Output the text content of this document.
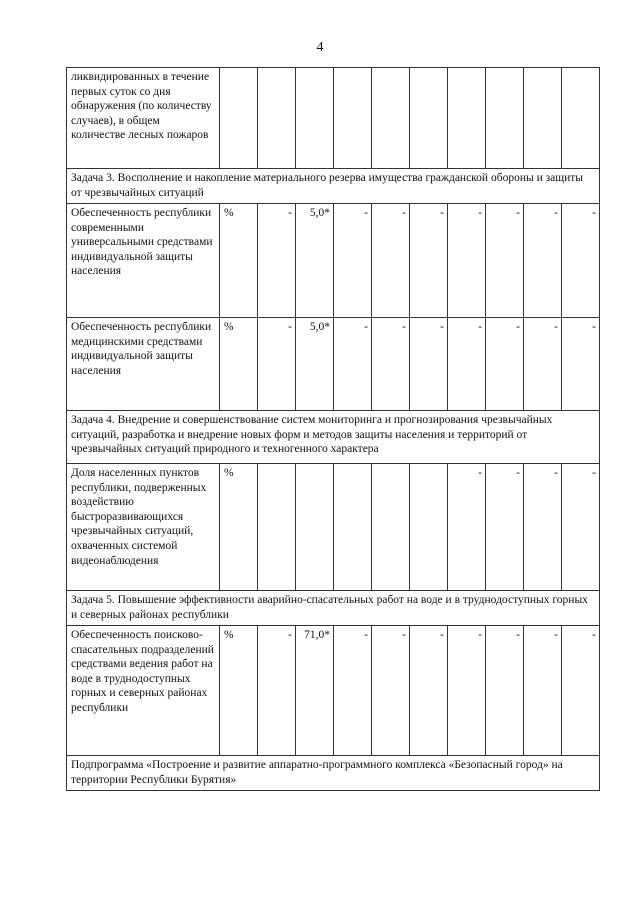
4
ликвидированных в течение первых суток со дня обнаружения (по количеству случаев), в общем количестве лесных пожаров										
Задача 3. Восполнение и накопление материального резерва имущества гражданской обороны и защиты от чрезвычайных ситуаций										
Обеспеченность республики современными универсальными средствами индивидуальной защиты населения	%	-	5,0*	-	-	-	-	-	-	-
Обеспеченность республики медицинскими средствами индивидуальной защиты населения	%	-	5,0*	-	-	-	-	-	-	-
Задача 4. Внедрение и совершенствование систем мониторинга и прогнозирования чрезвычайных ситуаций, разработка и внедрение новых форм и методов защиты населения и территорий от чрезвычайных ситуаций природного и техногенного характера										
Доля населенных пунктов республики, подверженных воздействию быстроразвивающихся чрезвычайных ситуаций, охваченных системой видеонаблюдения	%						-	-	-	-
Задача 5. Повышение эффективности аварийно-спасательных работ на воде и в труднодоступных горных и северных районах республики										
Обеспеченность поисково-спасательных подразделений средствами ведения работ на воде в труднодоступных горных и северных районах республики	%	-	71,0*	-	-	-	-	-	-	-
Подпрограмма «Построение и развитие аппаратно-программного комплекса «Безопасный город» на территории Республики Бурятия»										
